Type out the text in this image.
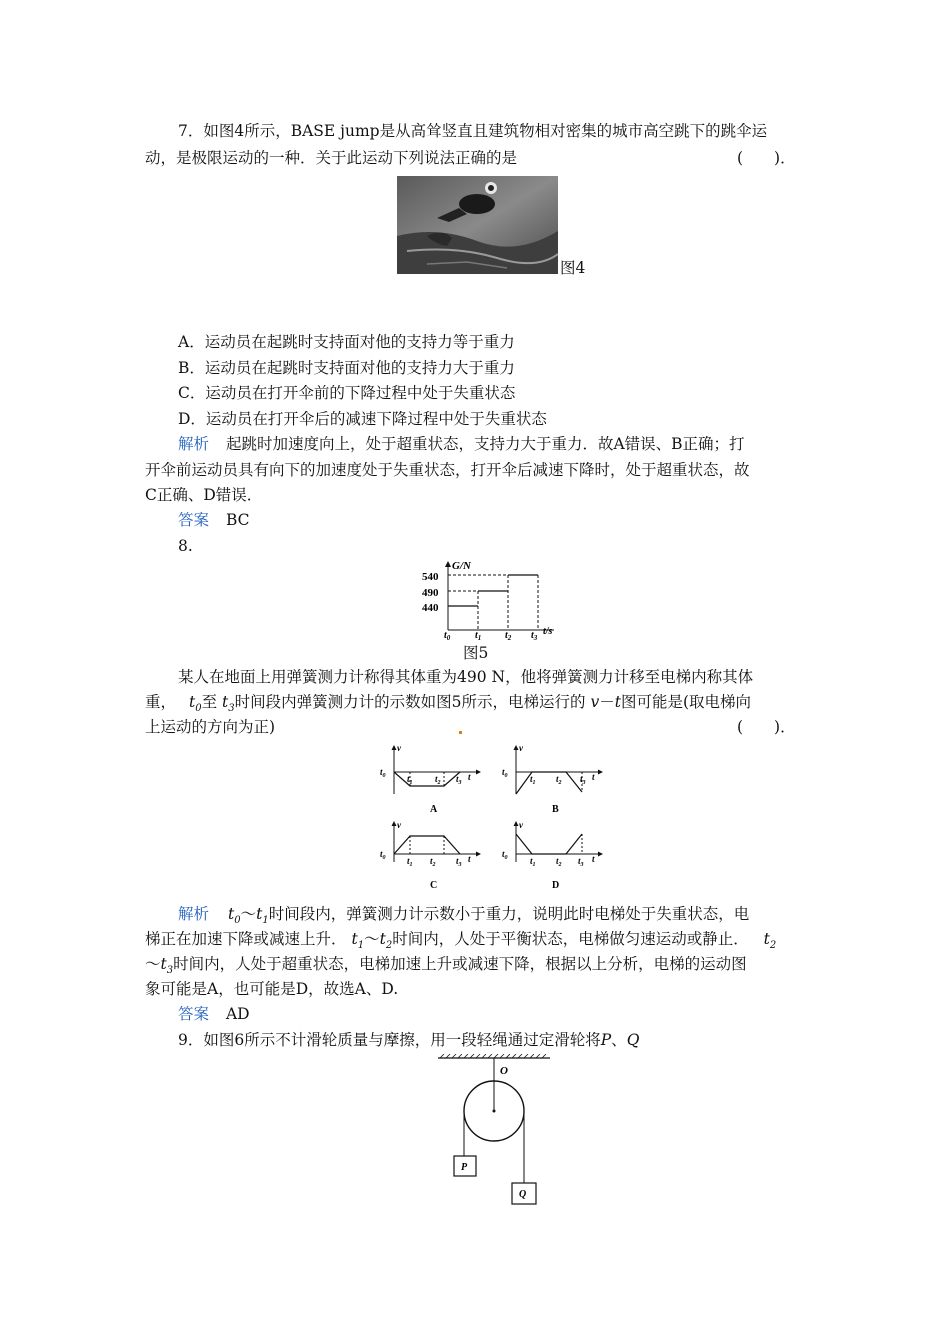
7．如图4所示，BASE jump是从高耸竖直且建筑物相对密集的城市高空跳下的跳伞运
动，是极限运动的一种．关于此运动下列说法正确的是	(　　)．
图4
A．运动员在起跳时支持面对他的支持力等于重力
B．运动员在起跳时支持面对他的支持力大于重力
C．运动员在打开伞前的下降过程中处于失重状态
D．运动员在打开伞后的减速下降过程中处于失重状态
解析 起跳时加速度向上，处于超重状态，支持力大于重力．故A错误、B正确；打
开伞前运动员具有向下的加速度处于失重状态，打开伞后减速下降时，处于超重状态，故
C正确、D错误．
答案 BC
8.
G/N
540
490
440
$t_0$ $t_1$ $t_2$ $t_3$
t/s
图5
某人在地面上用弹簧测力计称得其体重为490 N，他将弹簧测力计移至电梯内称其体
重， $t_0$至 $t_3$时间段内弹簧测力计的示数如图5所示，电梯运行的 v－t图可能是(取电梯向
上运动的方向为正)	(　　)．
v
$t_0$ $t_1$ $t_2$ $t_3$
t
A
v
$t_0$ $t_1$ $t_2$ $t_3$
t
B
v
$t_0$ $t_1$ $t_2$ $t_3$
t
C
v
$t_0$ $t_1$ $t_2$ $t_3$
t
D
解析 $t_0\sim t_1$时间段内，弹簧测力计示数小于重力，说明此时电梯处于失重状态，电
梯正在加速下降或减速上升． $t_1\sim t_2$时间内，人处于平衡状态，电梯做匀速运动或静止． $t_2$
$\sim t_3$时间内，人处于超重状态，电梯加速上升或减速下降，根据以上分析，电梯的运动图
象可能是A，也可能是D，故选A、D.
答案 AD
9．如图6所示不计滑轮质量与摩擦，用一段轻绳通过定滑轮将P、Q
O
P
Q
